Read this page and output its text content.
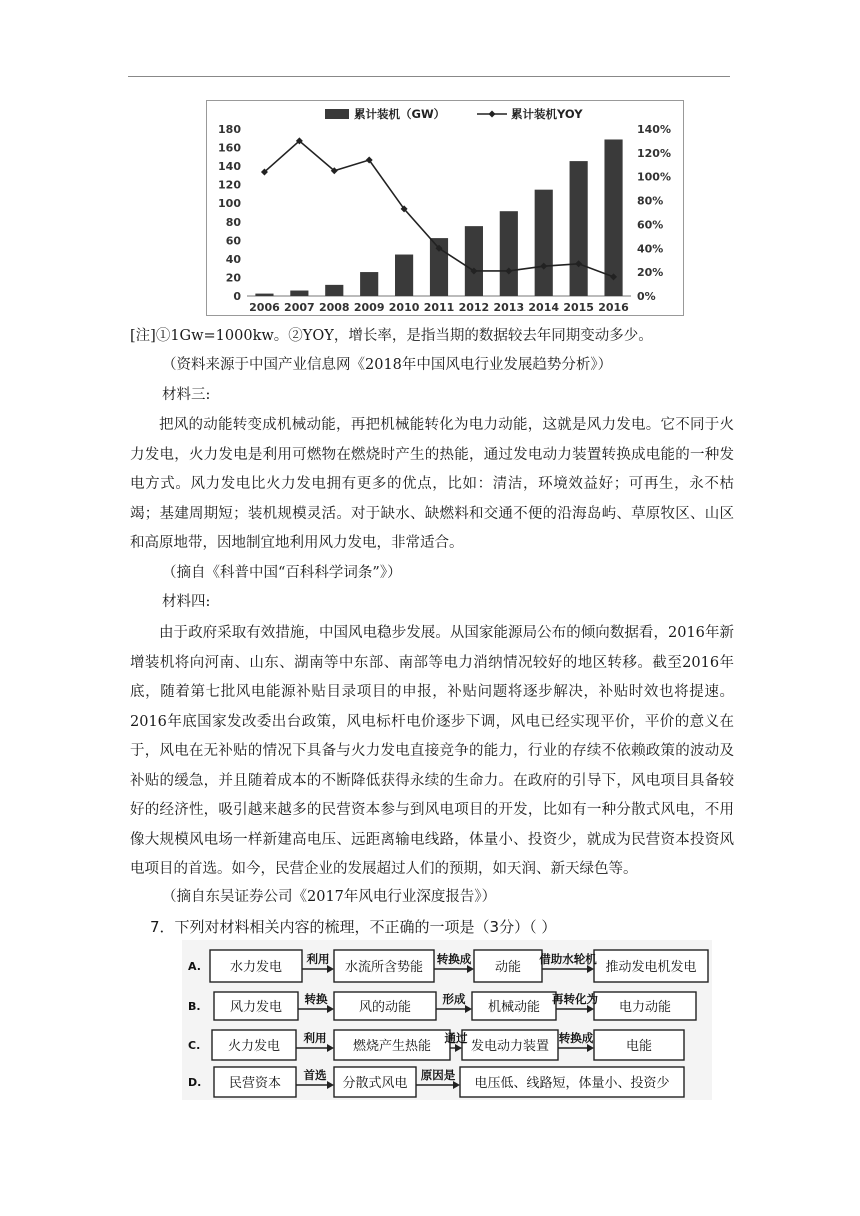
0
20
40
60
80
100
120
140
160
180
0%
20%
40%
60%
80%
100%
120%
140%
2006 2007 2008 2009 2010 2011 2012 2013 2014 2015 2016
累计装机（GW）	累计装机YOY
[注]①1Gw=1000kw。②YOY，增长率，是指当期的数据较去年同期变动多少。
（资料来源于中国产业信息网《2018年中国风电行业发展趋势分析》）
材料三:
把风的动能转变成机械动能，再把机械能转化为电力动能，这就是风力发电。它不同于火力发电，火力发电是利用可燃物在燃烧时产生的热能，通过发电动力装置转换成电能的一种发电方式。风力发电比火力发电拥有更多的优点，比如：清洁，环境效益好；可再生，永不枯竭；基建周期短；装机规模灵活。对于缺水、缺燃料和交通不便的沿海岛屿、草原牧区、山区和高原地带，因地制宜地利用风力发电，非常适合。
（摘自《科普中国“百科科学词条”》）
材料四:
由于政府采取有效措施，中国风电稳步发展。从国家能源局公布的倾向数据看，2016年新增装机将向河南、山东、湖南等中东部、南部等电力消纳情况较好的地区转移。截至2016年底，随着第七批风电能源补贴目录项目的申报，补贴问题将逐步解决，补贴时效也将提速。2016年底国家发改委出台政策，风电标杆电价逐步下调，风电已经实现平价，平价的意义在于，风电在无补贴的情况下具备与火力发电直接竞争的能力，行业的存续不依赖政策的波动及补贴的缓急，并且随着成本的不断降低获得永续的生命力。在政府的引导下，风电项目具备较好的经济性，吸引越来越多的民营资本参与到风电项目的开发，比如有一种分散式风电，不用像大规模风电场一样新建高电压、远距离输电线路，体量小、投资少，就成为民营资本投资风电项目的首选。如今，民营企业的发展超过人们的预期，如天润、新天绿色等。
（摘自东吴证券公司《2017年风电行业深度报告》）
7．下列对材料相关内容的梳理，不正确的一项是（3分）（ ）
A. 水力发电	水流所含势能	动能	推动发电机发电
利用	转换成	借助水轮机
B. 风力发电	风的动能	机械动能	电力动能
转换	形成	再转化为
C. 火力发电	燃烧产生热能	发电动力装置	电能
利用	通过	转换成
D. 民营资本	分散式风电	电压低、线路短，体量小、投资少
首选	原因是
